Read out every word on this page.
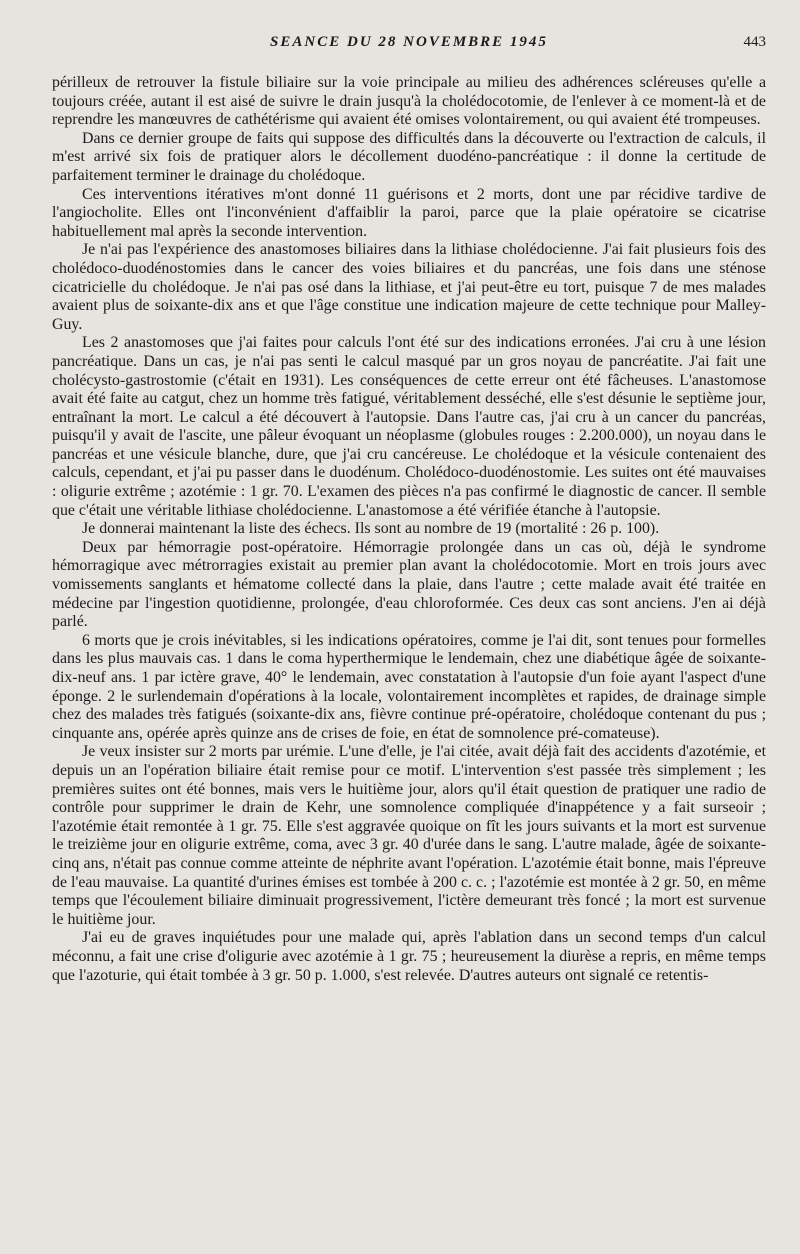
SEANCE DU 28 NOVEMBRE 1945	443

périlleux de retrouver la fistule biliaire sur la voie principale au milieu des adhérences scléreuses qu'elle a toujours créée, autant il est aisé de suivre le drain jusqu'à la cholédocotomie, de l'enlever à ce moment-là et de reprendre les manœuvres de cathétérisme qui avaient été omises volontairement, ou qui avaient été trompeuses.

Dans ce dernier groupe de faits qui suppose des difficultés dans la découverte ou l'extraction de calculs, il m'est arrivé six fois de pratiquer alors le décollement duodéno-pancréatique : il donne la certitude de parfaitement terminer le drainage du cholédoque.

Ces interventions itératives m'ont donné 11 guérisons et 2 morts, dont une par récidive tardive de l'angiocholite. Elles ont l'inconvénient d'affaiblir la paroi, parce que la plaie opératoire se cicatrise habituellement mal après la seconde intervention.

Je n'ai pas l'expérience des anastomoses biliaires dans la lithiase cholédocienne. J'ai fait plusieurs fois des cholédoco-duodénostomies dans le cancer des voies biliaires et du pancréas, une fois dans une sténose cicatricielle du cholédoque. Je n'ai pas osé dans la lithiase, et j'ai peut-être eu tort, puisque 7 de mes malades avaient plus de soixante-dix ans et que l'âge constitue une indication majeure de cette technique pour Malley-Guy.

Les 2 anastomoses que j'ai faites pour calculs l'ont été sur des indications erronées. J'ai cru à une lésion pancréatique. Dans un cas, je n'ai pas senti le calcul masqué par un gros noyau de pancréatite. J'ai fait une cholécysto-gastrostomie (c'était en 1931). Les conséquences de cette erreur ont été fâcheuses. L'anastomose avait été faite au catgut, chez un homme très fatigué, véritablement desséché, elle s'est désunie le septième jour, entraînant la mort. Le calcul a été découvert à l'autopsie. Dans l'autre cas, j'ai cru à un cancer du pancréas, puisqu'il y avait de l'ascite, une pâleur évoquant un néoplasme (globules rouges : 2.200.000), un noyau dans le pancréas et une vésicule blanche, dure, que j'ai cru cancéreuse. Le cholédoque et la vésicule contenaient des calculs, cependant, et j'ai pu passer dans le duodénum. Cholédoco-duodénostomie. Les suites ont été mauvaises : oligurie extrême ; azotémie : 1 gr. 70. L'examen des pièces n'a pas confirmé le diagnostic de cancer. Il semble que c'était une véritable lithiase cholédocienne. L'anastomose a été vérifiée étanche à l'autopsie.

Je donnerai maintenant la liste des échecs. Ils sont au nombre de 19 (mortalité : 26 p. 100).

Deux par hémorragie post-opératoire. Hémorragie prolongée dans un cas où, déjà le syndrome hémorragique avec métrorragies existait au premier plan avant la cholédocotomie. Mort en trois jours avec vomissements sanglants et hématome collecté dans la plaie, dans l'autre ; cette malade avait été traitée en médecine par l'ingestion quotidienne, prolongée, d'eau chloroformée. Ces deux cas sont anciens. J'en ai déjà parlé.

6 morts que je crois inévitables, si les indications opératoires, comme je l'ai dit, sont tenues pour formelles dans les plus mauvais cas. 1 dans le coma hyperthermique le lendemain, chez une diabétique âgée de soixante-dix-neuf ans. 1 par ictère grave, 40° le lendemain, avec constatation à l'autopsie d'un foie ayant l'aspect d'une éponge. 2 le surlendemain d'opérations à la locale, volontairement incomplètes et rapides, de drainage simple chez des malades très fatigués (soixante-dix ans, fièvre continue pré-opératoire, cholédoque contenant du pus ; cinquante ans, opérée après quinze ans de crises de foie, en état de somnolence pré-comateuse).

Je veux insister sur 2 morts par urémie. L'une d'elle, je l'ai citée, avait déjà fait des accidents d'azotémie, et depuis un an l'opération biliaire était remise pour ce motif. L'intervention s'est passée très simplement ; les premières suites ont été bonnes, mais vers le huitième jour, alors qu'il était question de pratiquer une radio de contrôle pour supprimer le drain de Kehr, une somnolence compliquée d'inappétence y a fait surseoir ; l'azotémie était remontée à 1 gr. 75. Elle s'est aggravée quoique on fît les jours suivants et la mort est survenue le treizième jour en oligurie extrême, coma, avec 3 gr. 40 d'urée dans le sang. L'autre malade, âgée de soixante-cinq ans, n'était pas connue comme atteinte de néphrite avant l'opération. L'azotémie était bonne, mais l'épreuve de l'eau mauvaise. La quantité d'urines émises est tombée à 200 c. c. ; l'azotémie est montée à 2 gr. 50, en même temps que l'écoulement biliaire diminuait progressivement, l'ictère demeurant très foncé ; la mort est survenue le huitième jour.

J'ai eu de graves inquiétudes pour une malade qui, après l'ablation dans un second temps d'un calcul méconnu, a fait une crise d'oligurie avec azotémie à 1 gr. 75 ; heureusement la diurèse a repris, en même temps que l'azoturie, qui était tombée à 3 gr. 50 p. 1.000, s'est relevée. D'autres auteurs ont signalé ce retentis-
